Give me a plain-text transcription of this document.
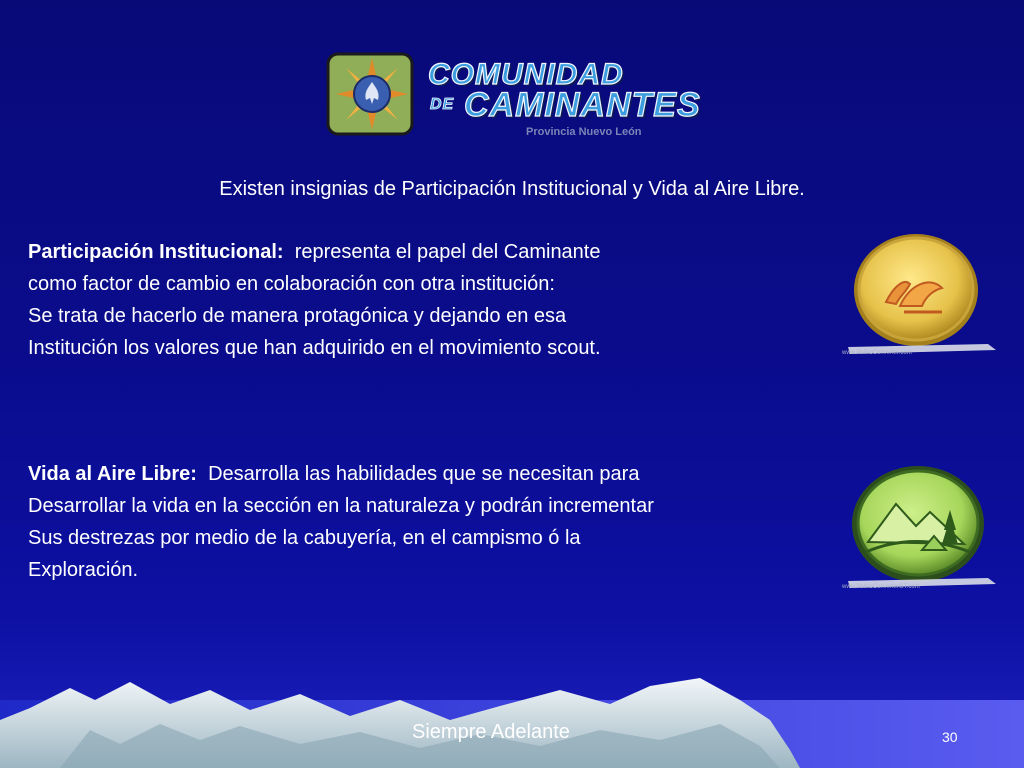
COMUNIDAD
DE CAMINANTES
Provincia Nuevo León
Existen insignias de Participación Institucional y Vida al Aire Libre.

Participación Institucional: representa el papel del Caminante

como factor de cambio en colaboración con otra institución:

Se trata de hacerlo de manera protagónica y dejando en esa

Institución los valores que han adquirido en el movimiento scout.

Vida al Aire Libre: Desarrolla las habilidades que se necesitan para

Desarrollar la vida en la sección en la naturaleza y podrán incrementar

Sus destrezas por medio de la cabuyería, en el campismo ó la

Exploración.

www.PelikoConverter.com
www.PelikoConverterGT.com
Siempre Adelante	30
